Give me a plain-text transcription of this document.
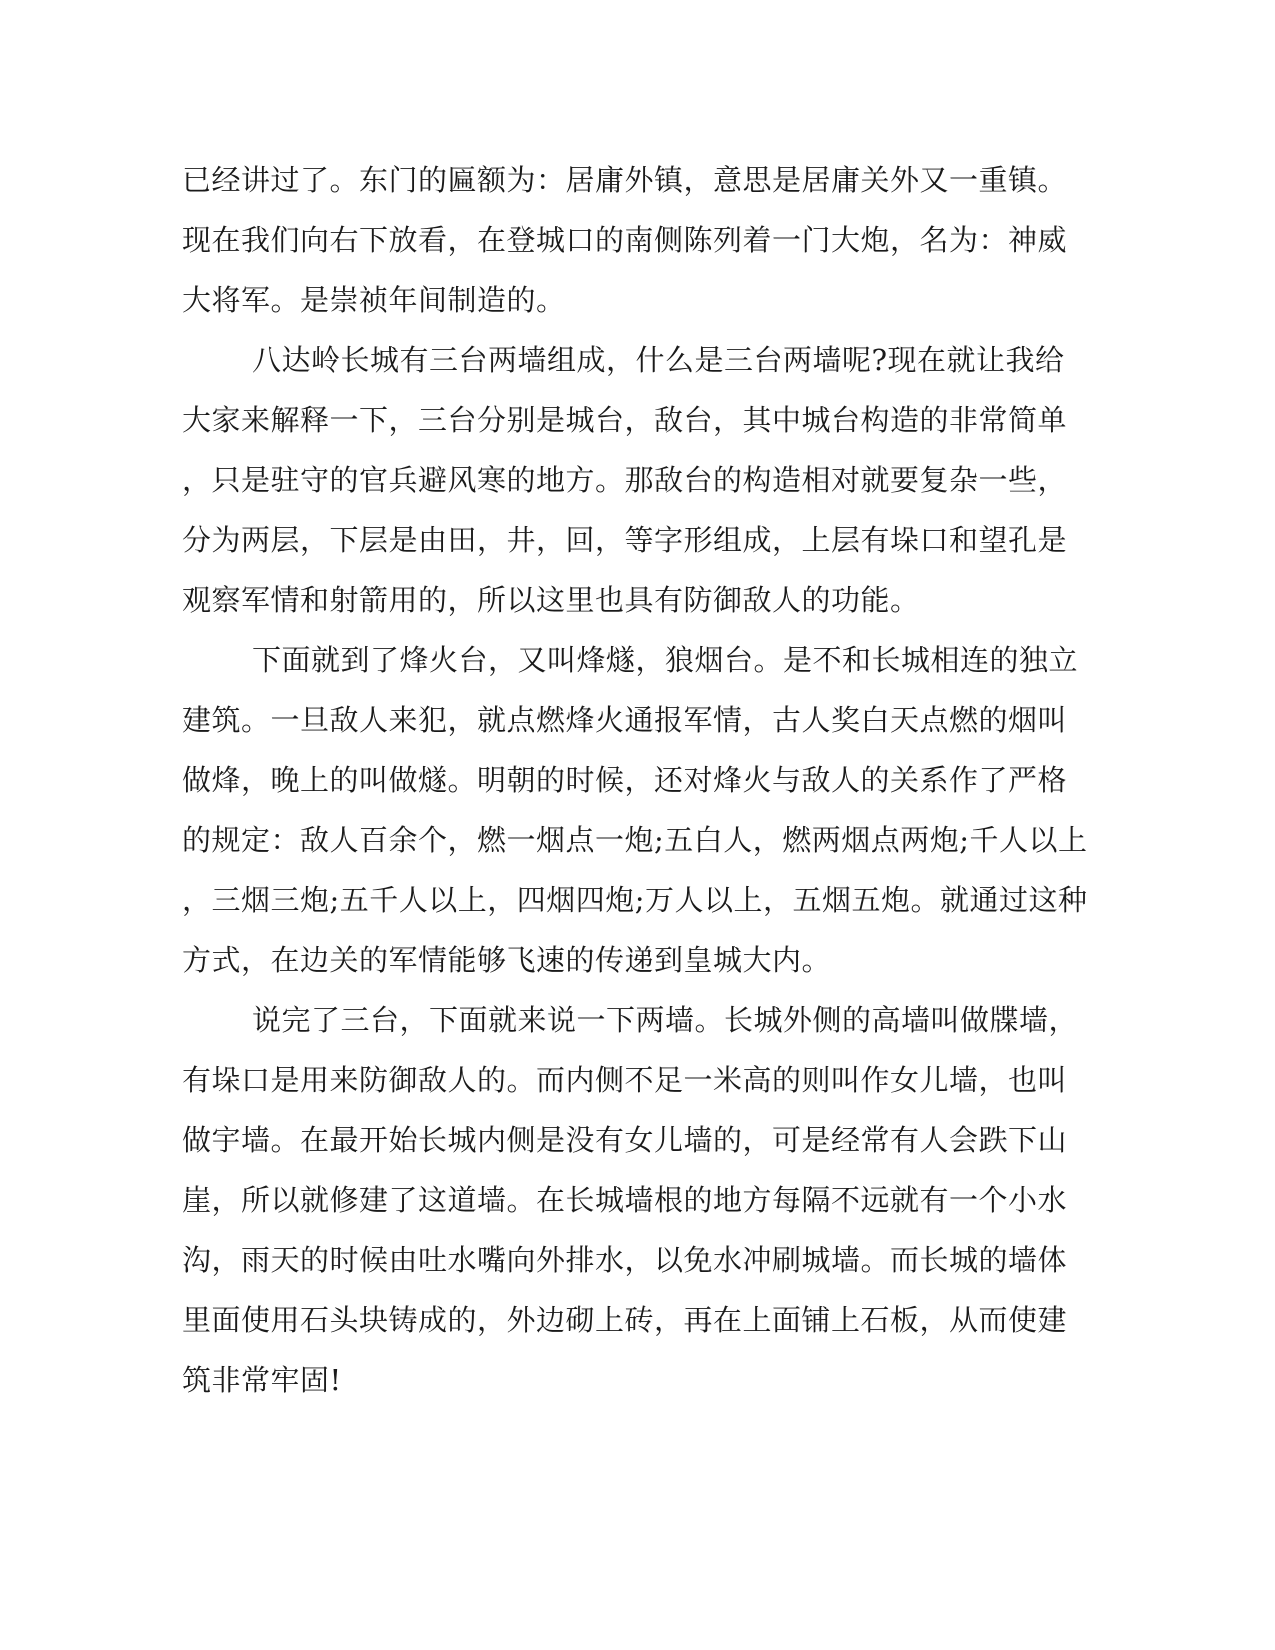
已经讲过了。东门的匾额为：居庸外镇，意思是居庸关外又一重镇。
现在我们向右下放看，在登城口的南侧陈列着一门大炮，名为：神威
大将军。是崇祯年间制造的。
八达岭长城有三台两墙组成，什么是三台两墙呢?现在就让我给
大家来解释一下，三台分别是城台，敌台，其中城台构造的非常简单
，只是驻守的官兵避风寒的地方。那敌台的构造相对就要复杂一些，
分为两层，下层是由田，井，回，等字形组成，上层有垛口和望孔是
观察军情和射箭用的，所以这里也具有防御敌人的功能。
下面就到了烽火台，又叫烽燧，狼烟台。是不和长城相连的独立
建筑。一旦敌人来犯，就点燃烽火通报军情，古人奖白天点燃的烟叫
做烽，晚上的叫做燧。明朝的时候，还对烽火与敌人的关系作了严格
的规定：敌人百余个，燃一烟点一炮;五白人，燃两烟点两炮;千人以上
，三烟三炮;五千人以上，四烟四炮;万人以上，五烟五炮。就通过这种
方式，在边关的军情能够飞速的传递到皇城大内。
说完了三台，下面就来说一下两墙。长城外侧的高墙叫做牒墙，
有垛口是用来防御敌人的。而内侧不足一米高的则叫作女儿墙，也叫
做宇墙。在最开始长城内侧是没有女儿墙的，可是经常有人会跌下山
崖，所以就修建了这道墙。在长城墙根的地方每隔不远就有一个小水
沟，雨天的时候由吐水嘴向外排水，以免水冲刷城墙。而长城的墙体
里面使用石头块铸成的，外边砌上砖，再在上面铺上石板，从而使建
筑非常牢固!
